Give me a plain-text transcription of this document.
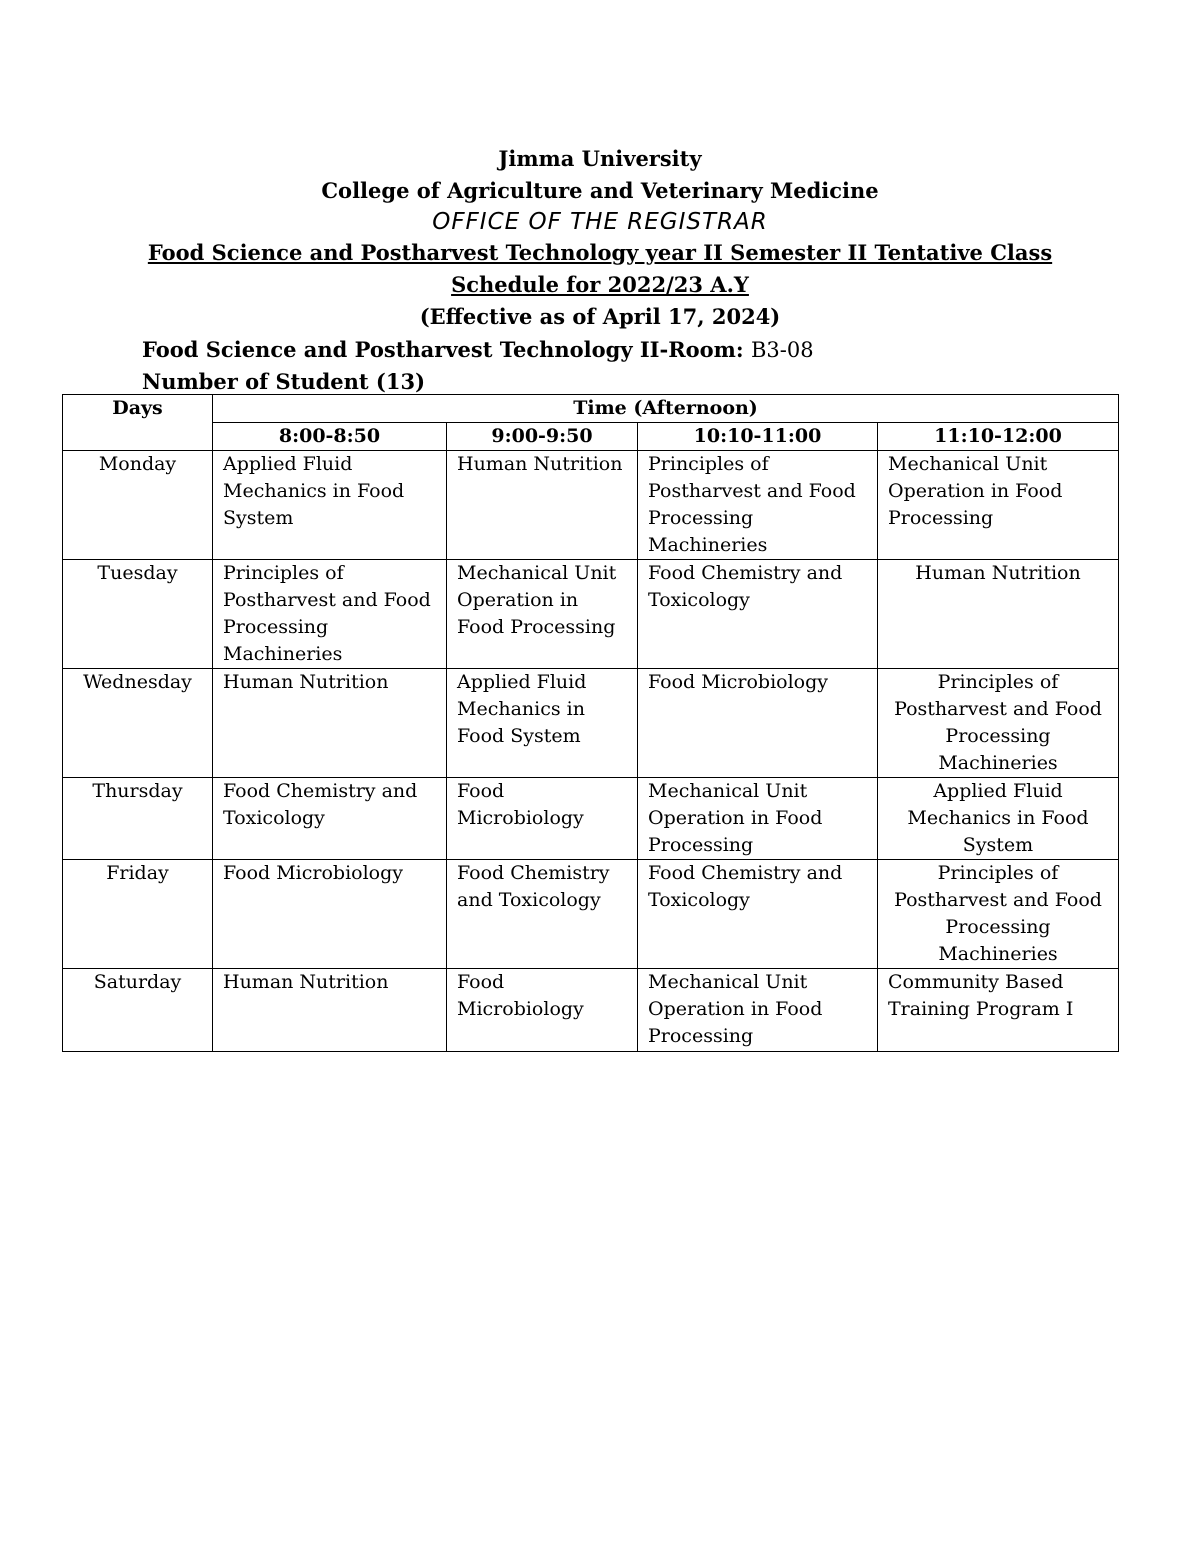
Jimma University
College of Agriculture and Veterinary Medicine
OFFICE OF THE REGISTRAR
Food Science and Postharvest Technology year II Semester II Tentative Class
Schedule for 2022/23 A.Y
(Effective as of April 17, 2024)
Food Science and Postharvest Technology II-Room: B3-08
Number of Student (13)
Days	Time (Afternoon)			
	8:00-8:50	9:00-9:50	10:10-11:00	11:10-12:00
Monday	Applied Fluid Mechanics in Food System	Human Nutrition	Principles of Postharvest and Food Processing Machineries	Mechanical Unit Operation in Food Processing
Tuesday	Principles of Postharvest and Food Processing Machineries	Mechanical Unit Operation in Food Processing	Food Chemistry and Toxicology	Human Nutrition
Wednesday	Human Nutrition	Applied Fluid Mechanics in Food System	Food Microbiology	Principles of Postharvest and Food Processing Machineries
Thursday	Food Chemistry and Toxicology	Food Microbiology	Mechanical Unit Operation in Food Processing	Applied Fluid Mechanics in Food System
Friday	Food Microbiology	Food Chemistry and Toxicology	Food Chemistry and Toxicology	Principles of Postharvest and Food Processing Machineries
Saturday	Human Nutrition	Food Microbiology	Mechanical Unit Operation in Food Processing	Community Based Training Program I
